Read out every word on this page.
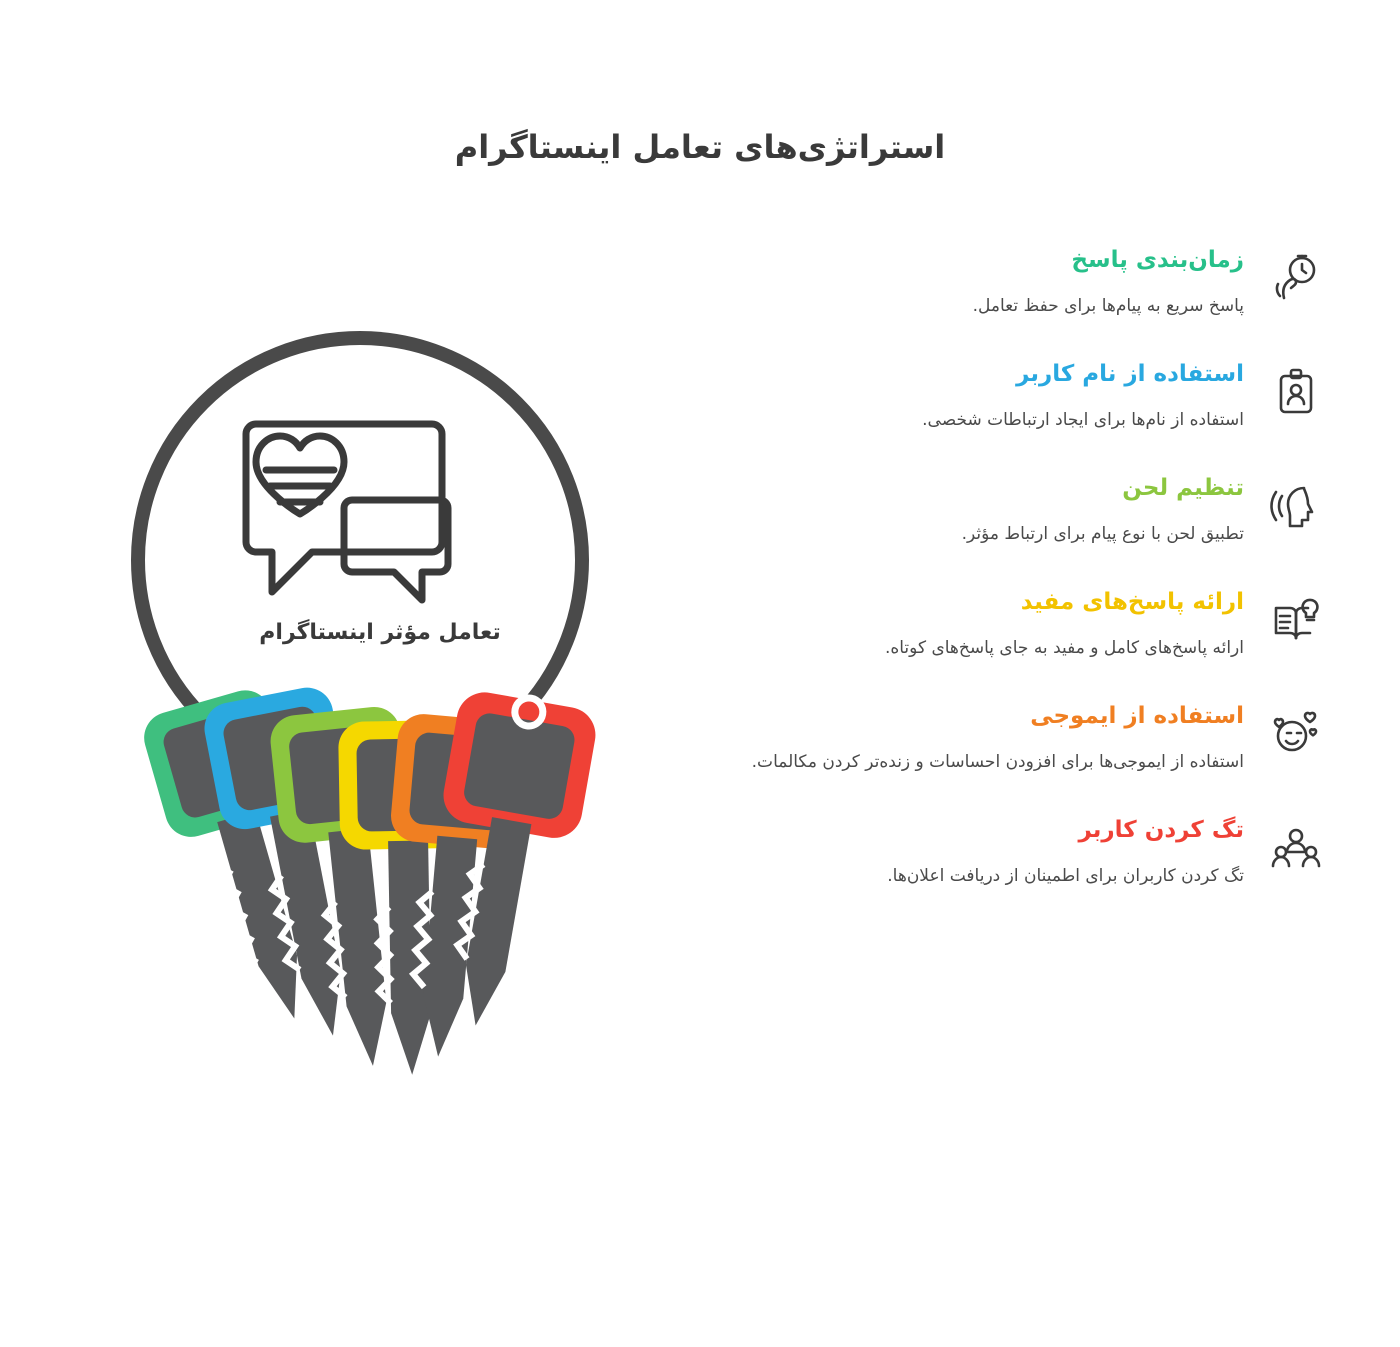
استراتژی‌های تعامل اینستاگرام
تعامل مؤثر اینستاگرام
زمان‌بندی پاسخ
پاسخ سریع به پیام‌ها برای حفظ تعامل.
استفاده از نام کاربر
استفاده از نام‌ها برای ایجاد ارتباطات شخصی.
تنظیم لحن
تطبیق لحن با نوع پیام برای ارتباط مؤثر.
ارائه پاسخ‌های مفید
ارائه پاسخ‌های کامل و مفید به جای پاسخ‌های کوتاه.
استفاده از ایموجی
استفاده از ایموجی‌ها برای افزودن احساسات و زنده‌تر کردن مکالمات.
تگ کردن کاربر
تگ کردن کاربران برای اطمینان از دریافت اعلان‌ها.
